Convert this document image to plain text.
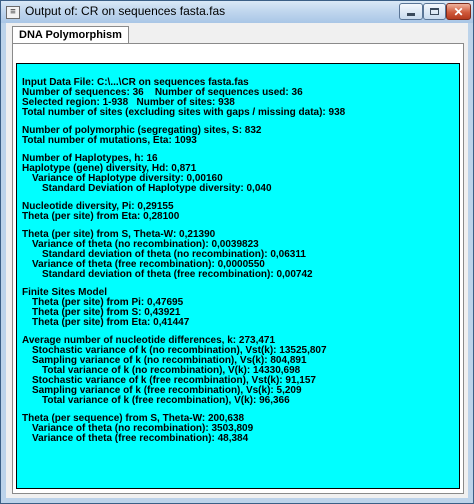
≡ Output of: CR on sequences fasta.fas	✕
DNA Polymorphism
Input Data File: C:\...\CR on sequences fasta.fas
Number of sequences: 36    Number of sequences used: 36
Selected region: 1-938   Number of sites: 938
Total number of sites (excluding sites with gaps / missing data): 938
Number of polymorphic (segregating) sites, S: 832
Total number of mutations, Eta: 1093
Number of Haplotypes, h: 16
Haplotype (gene) diversity, Hd: 0,871
Variance of Haplotype diversity: 0,00160
Standard Deviation of Haplotype diversity: 0,040
Nucleotide diversity, Pi: 0,29155
Theta (per site) from Eta: 0,28100
Theta (per site) from S, Theta-W: 0,21390
Variance of theta (no recombination): 0,0039823
Standard deviation of theta (no recombination): 0,06311
Variance of theta (free recombination): 0,0000550
Standard deviation of theta (free recombination): 0,00742
Finite Sites Model
Theta (per site) from Pi: 0,47695
Theta (per site) from S: 0,43921
Theta (per site) from Eta: 0,41447
Average number of nucleotide differences, k: 273,471
Stochastic variance of k (no recombination), Vst(k): 13525,807
Sampling variance of k (no recombination), Vs(k): 804,891
Total variance of k (no recombination), V(k): 14330,698
Stochastic variance of k (free recombination), Vst(k): 91,157
Sampling variance of k (free recombination), Vs(k): 5,209
Total variance of k (free recombination), V(k): 96,366
Theta (per sequence) from S, Theta-W: 200,638
Variance of theta (no recombination): 3503,809
Variance of theta (free recombination): 48,384
